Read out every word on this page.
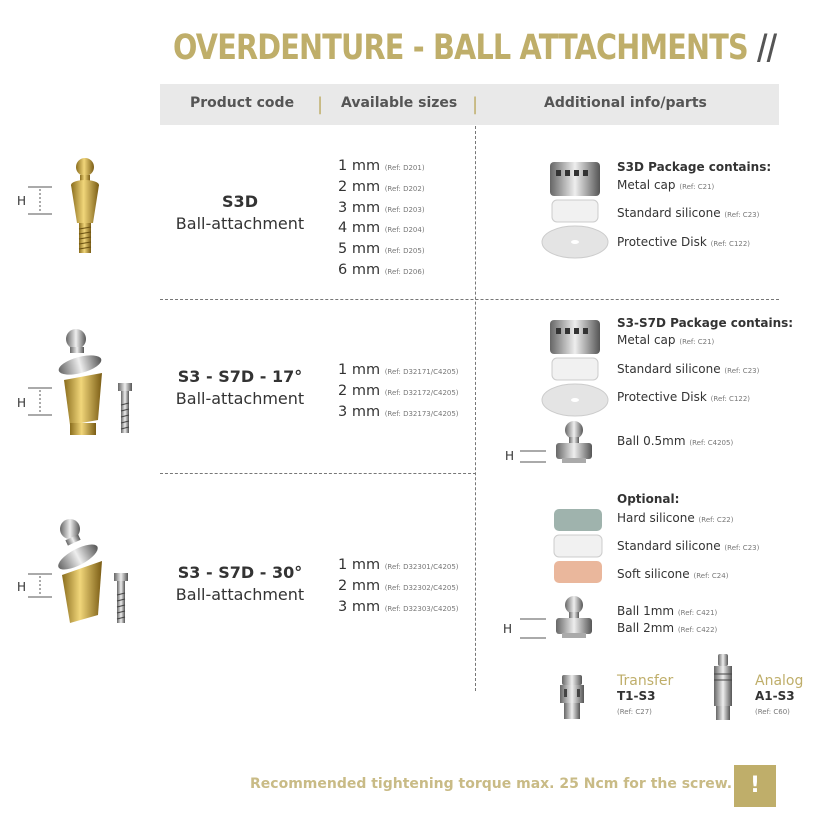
OVERDENTURE - BALL ATTACHMENTS //
Product code | Available sizes |	Additional info/parts
H	S3D
Ball-attachment
1 mm (Ref: D201)
2 mm (Ref: D202)
3 mm (Ref: D203)
4 mm (Ref: D204)
5 mm (Ref: D205)
6 mm (Ref: D206)
S3D Package contains:
Metal cap (Ref: C21)
Standard silicone (Ref: C23)
Protective Disk (Ref: C122)
H
S3 - S7D - 17°
Ball-attachment
1 mm (Ref: D32171/C4205)
2 mm (Ref: D32172/C4205)
3 mm (Ref: D32173/C4205)
S3-S7D Package contains:
Metal cap (Ref: C21)
Standard silicone (Ref: C23)
Protective Disk (Ref: C122)
H
Ball 0.5mm (Ref: C4205)
H
S3 - S7D - 30°
Ball-attachment
1 mm (Ref: D32301/C4205)
2 mm (Ref: D32302/C4205)
3 mm (Ref: D32303/C4205)
Optional:
Hard silicone (Ref: C22)
Standard silicone (Ref: C23)
Soft silicone (Ref: C24)
H
Ball 1mm (Ref: C421)
Ball 2mm (Ref: C422)
Transfer
T1-S3
(Ref: C27)
Analog
A1-S3
(Ref: C60)
Recommended tightening torque max. 25 Ncm for the screw. !
